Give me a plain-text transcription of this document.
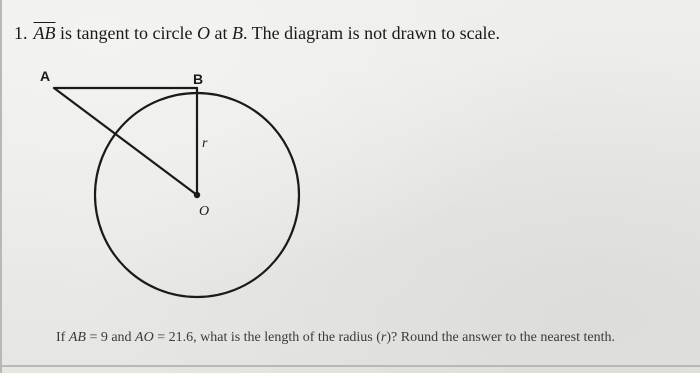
1. $\overline{AB}$ is tangent to circle O at B. The diagram is not drawn to scale.
A	B
r
O
If AB = 9 and AO = 21.6, what is the length of the radius (r)? Round the answer to the nearest tenth.
